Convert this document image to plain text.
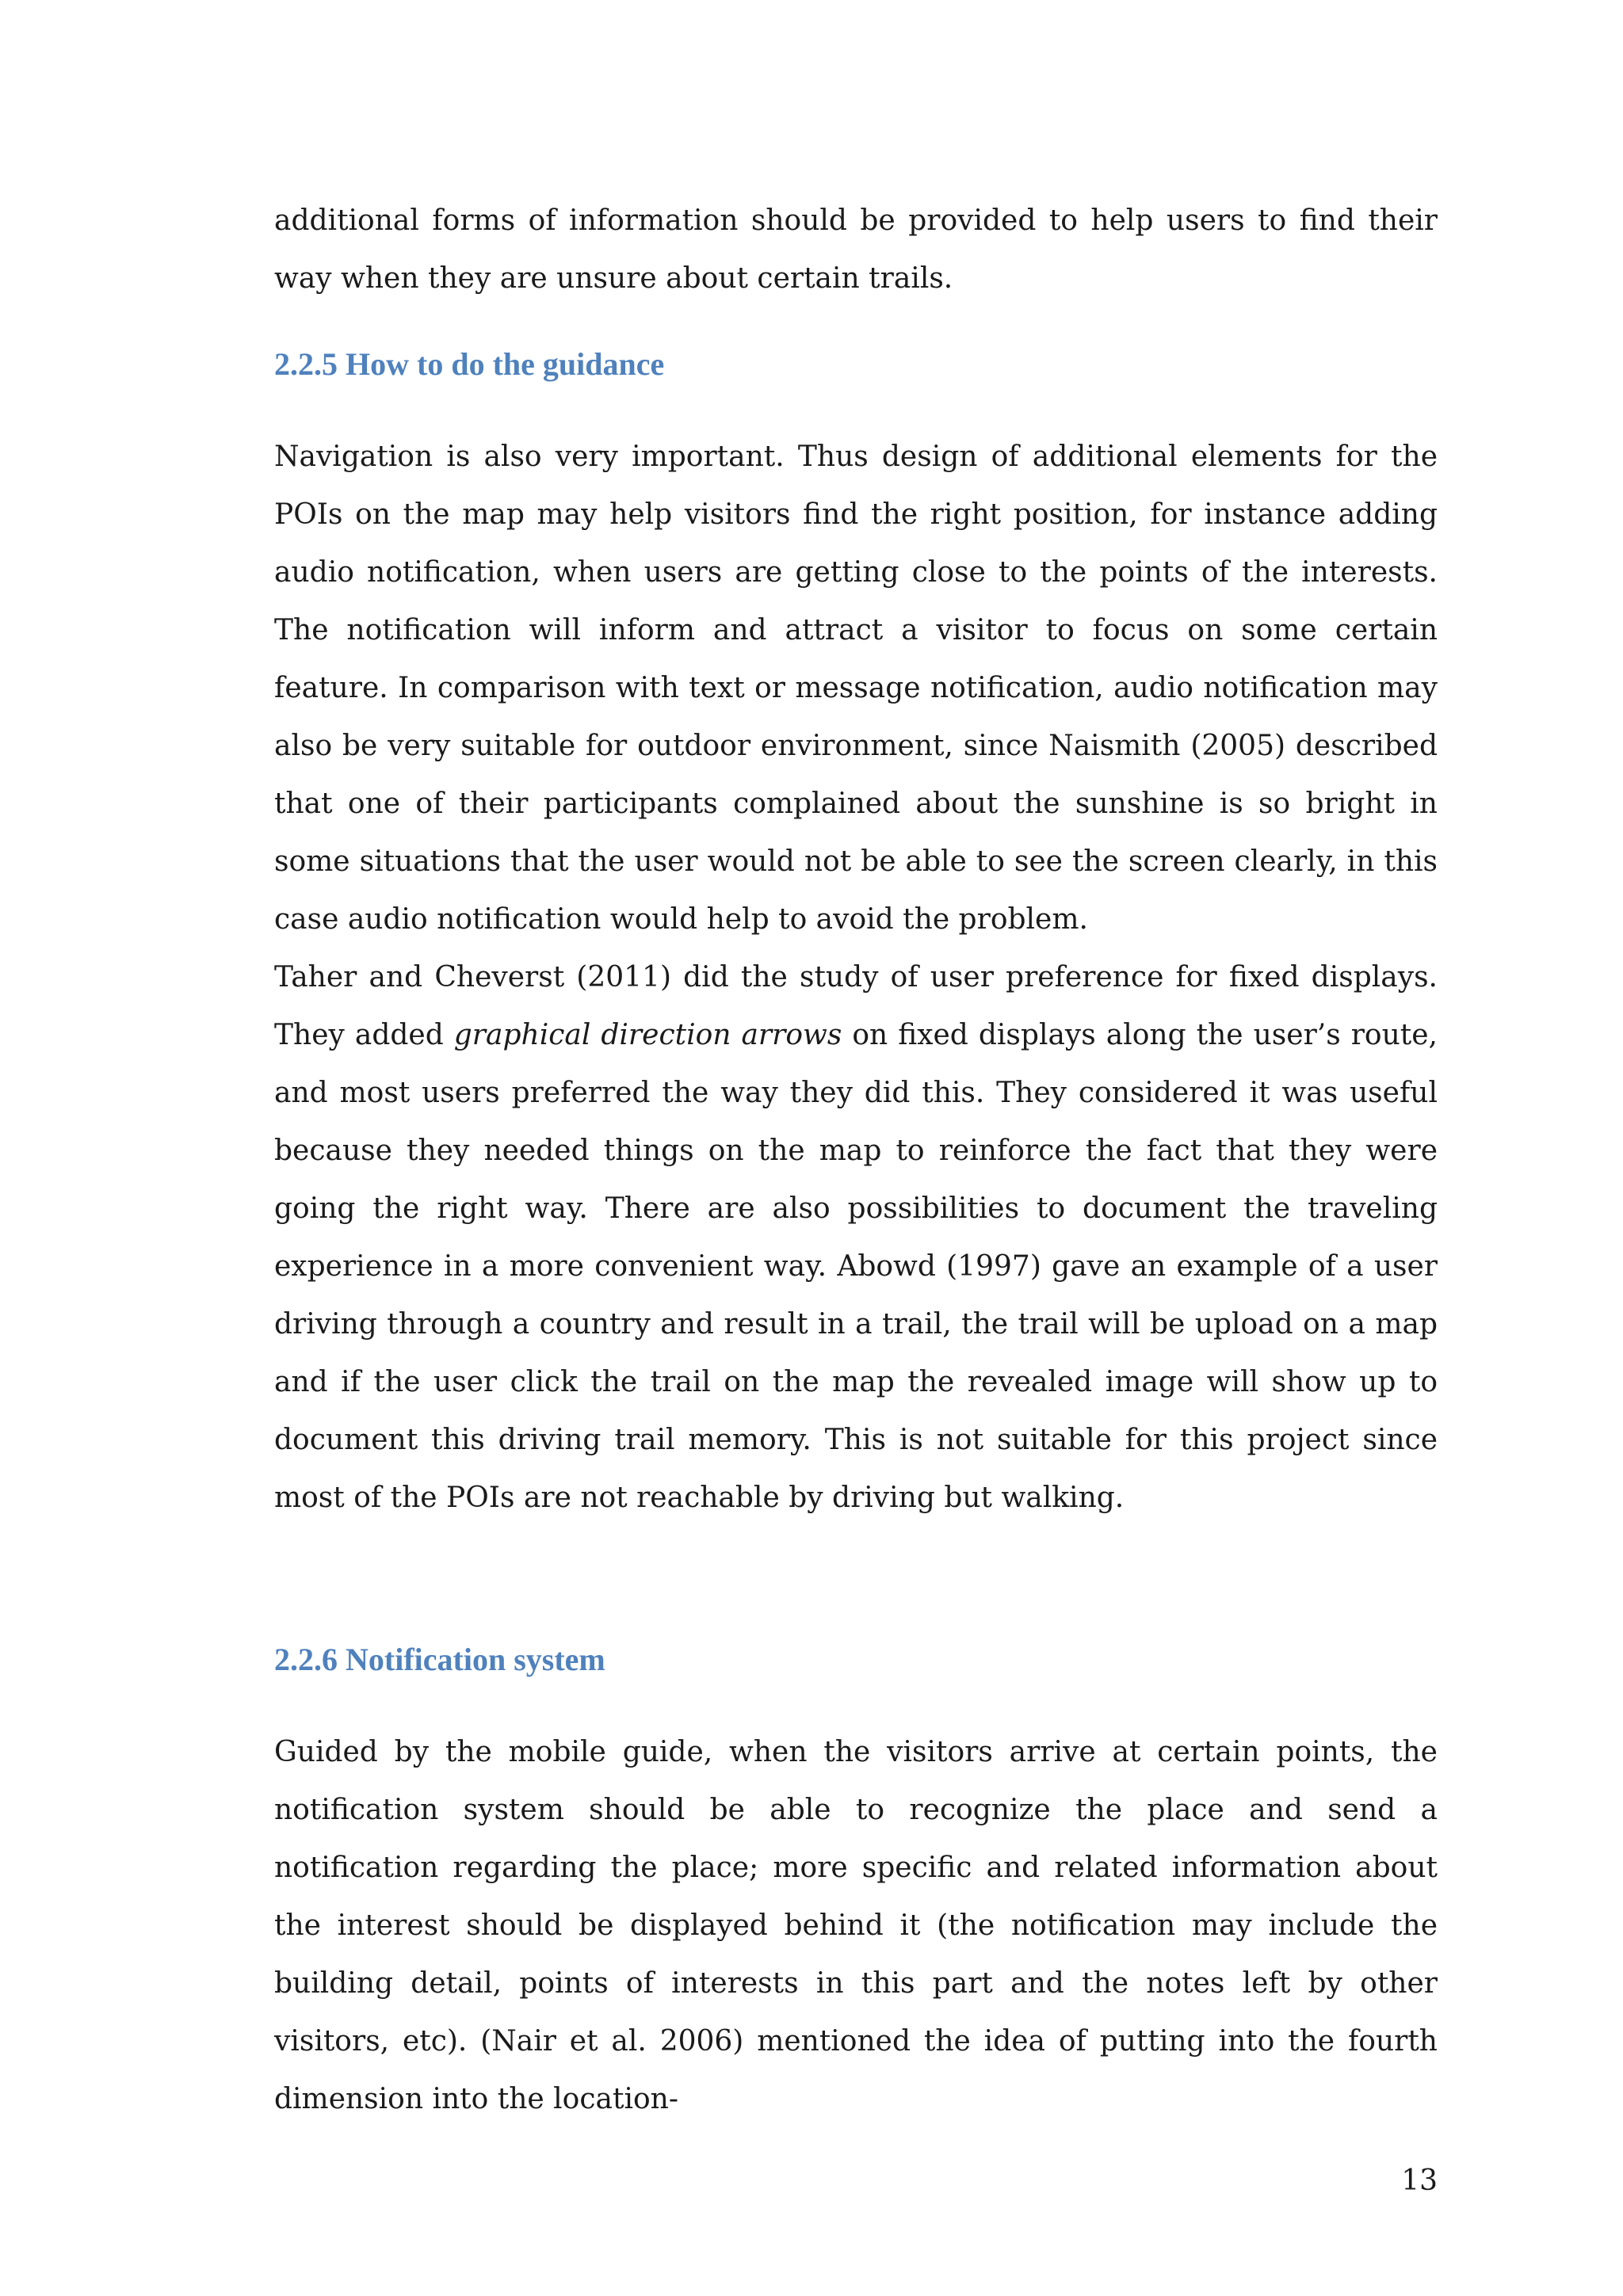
additional forms of information should be provided to help users to find their way when they are unsure about certain trails.

2.2.5 How to do the guidance

Navigation is also very important. Thus design of additional elements for the POIs on the map may help visitors find the right position, for instance adding audio notification, when users are getting close to the points of the interests. The notification will inform and attract a visitor to focus on some certain feature. In comparison with text or message notification, audio notification may also be very suitable for outdoor environment, since Naismith (2005) described that one of their participants complained about the sunshine is so bright in some situations that the user would not be able to see the screen clearly, in this case audio notification would help to avoid the problem.

Taher and Cheverst (2011) did the study of user preference for fixed displays. They added graphical direction arrows on fixed displays along the user’s route, and most users preferred the way they did this. They considered it was useful because they needed things on the map to reinforce the fact that they were going the right way. There are also possibilities to document the traveling experience in a more convenient way. Abowd (1997) gave an example of a user driving through a country and result in a trail, the trail will be upload on a map and if the user click the trail on the map the revealed image will show up to document this driving trail memory. This is not suitable for this project since most of the POIs are not reachable by driving but walking.

2.2.6 Notification system

Guided by the mobile guide, when the visitors arrive at certain points, the notification system should be able to recognize the place and send a notification regarding the place; more specific and related information about the interest should be displayed behind it (the notification may include the building detail, points of interests in this part and the notes left by other visitors, etc). (Nair et al. 2006) mentioned the idea of putting into the fourth dimension into the location-

13
